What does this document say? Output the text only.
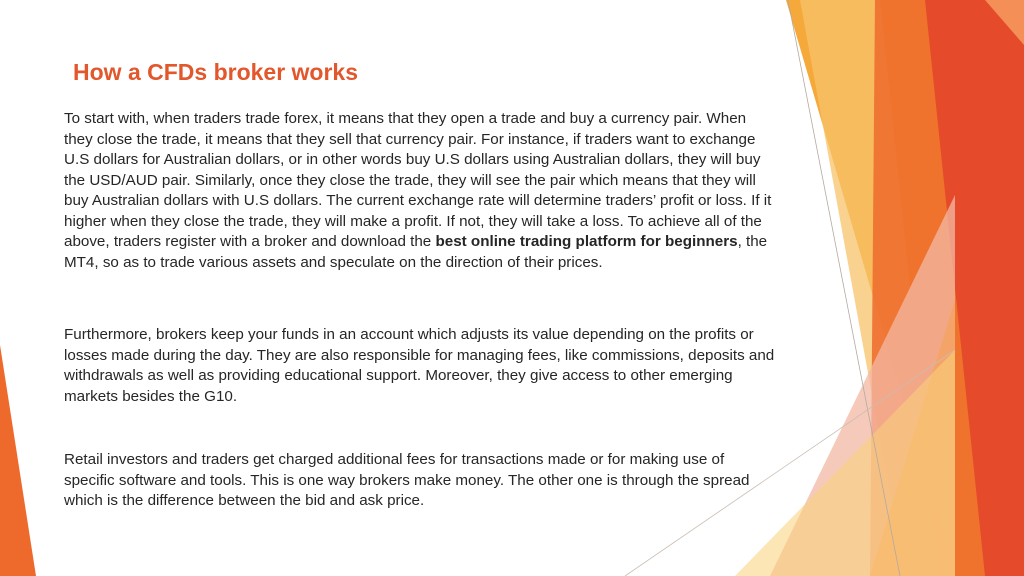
How a CFDs broker works

To start with, when traders trade forex, it means that they open a trade and buy a currency pair. When they close the trade, it means that they sell that currency pair. For instance, if traders want to exchange U.S dollars for Australian dollars, or in other words buy U.S dollars using Australian dollars, they will buy the USD/AUD pair. Similarly, once they close the trade, they will see the pair which means that they will buy Australian dollars with U.S dollars. The current exchange rate will determine traders’ profit or loss. If it higher when they close the trade, they will make a profit. If not, they will take a loss. To achieve all of the above, traders register with a broker and download the best online trading platform for beginners, the MT4, so as to trade various assets and speculate on the direction of their prices.

Furthermore, brokers keep your funds in an account which adjusts its value depending on the profits or losses made during the day. They are also responsible for managing fees, like commissions, deposits and withdrawals as well as providing educational support. Moreover, they give access to other emerging markets besides the G10.

Retail investors and traders get charged additional fees for transactions made or for making use of specific software and tools. This is one way brokers make money. The other one is through the spread which is the difference between the bid and ask price.
